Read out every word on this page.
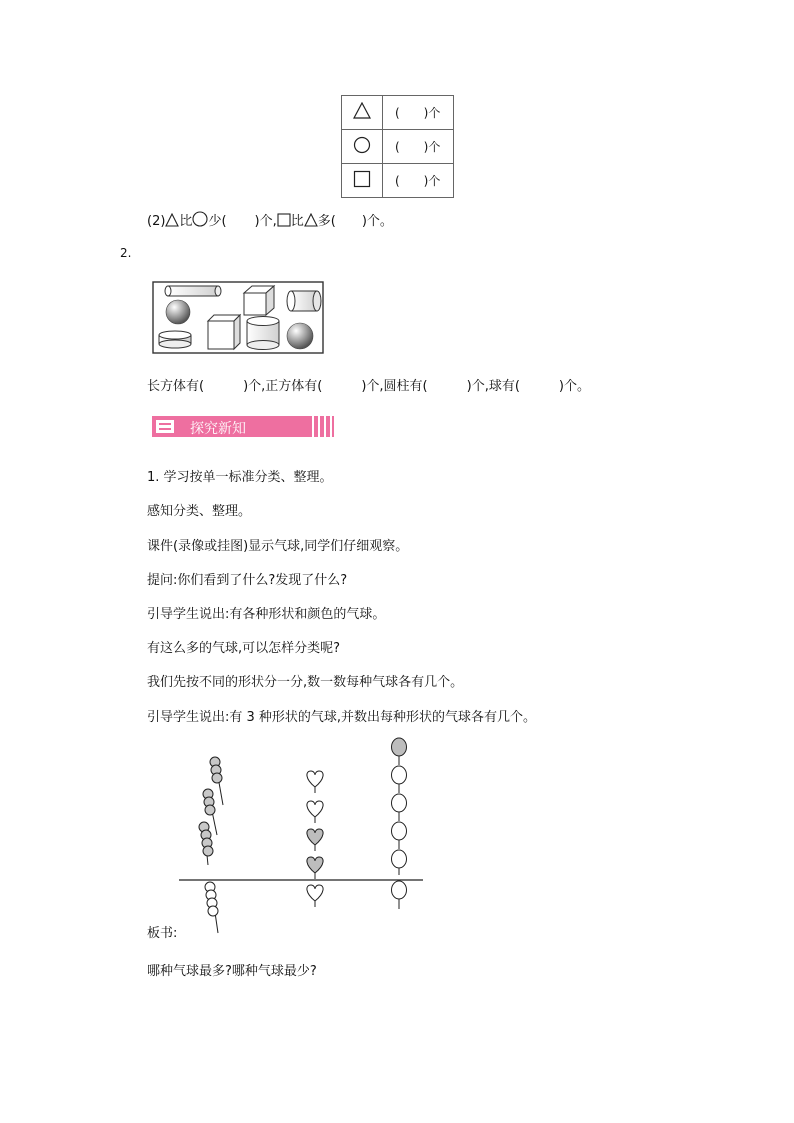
	(　　)个
	(　　)个
	(　　)个
(2) 比 少( )个, 比 多( )个。
2.
长方体有(　　　)个,正方体有(　　　)个,圆柱有(　　　)个,球有(　　　)个。
探究新知
1. 学习按单一标准分类、整理。
感知分类、整理。
课件(录像或挂图)显示气球,同学们仔细观察。
提问:你们看到了什么?发现了什么?
引导学生说出:有各种形状和颜色的气球。
有这么多的气球,可以怎样分类呢?
我们先按不同的形状分一分,数一数每种气球各有几个。
引导学生说出:有 3 种形状的气球,并数出每种形状的气球各有几个。
板书:
哪种气球最多?哪种气球最少?
